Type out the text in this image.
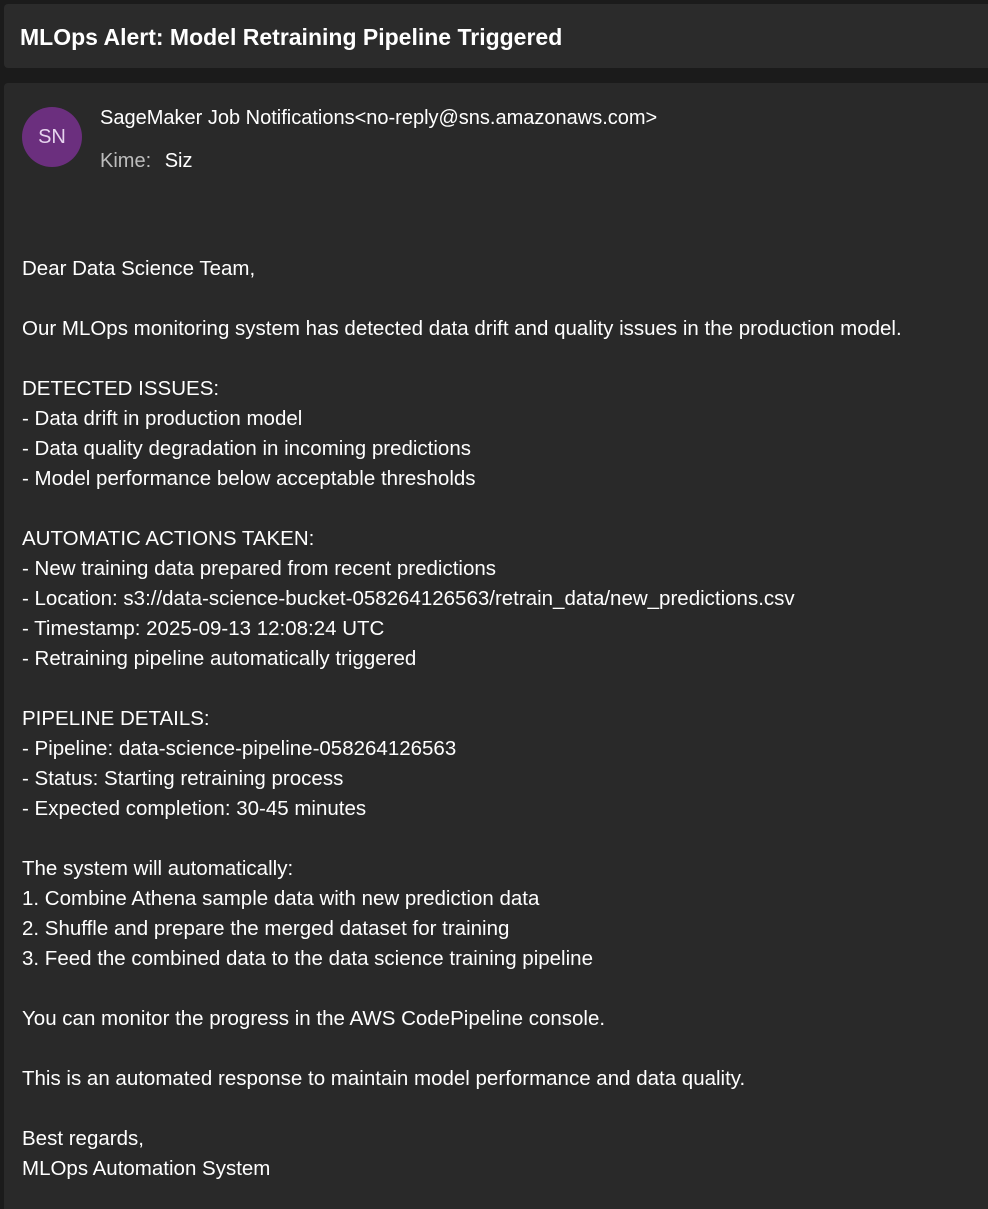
MLOps Alert: Model Retraining Pipeline Triggered
SN
SageMaker Job Notifications<no-reply@sns.amazonaws.com>
Kime: Siz
Dear Data Science Team,
Our MLOps monitoring system has detected data drift and quality issues in the production model.
DETECTED ISSUES:
- Data drift in production model
- Data quality degradation in incoming predictions
- Model performance below acceptable thresholds
AUTOMATIC ACTIONS TAKEN:
- New training data prepared from recent predictions
- Location: s3://data-science-bucket-058264126563/retrain_data/new_predictions.csv
- Timestamp: 2025-09-13 12:08:24 UTC
- Retraining pipeline automatically triggered
PIPELINE DETAILS:
- Pipeline: data-science-pipeline-058264126563
- Status: Starting retraining process
- Expected completion: 30-45 minutes
The system will automatically:
1. Combine Athena sample data with new prediction data
2. Shuffle and prepare the merged dataset for training
3. Feed the combined data to the data science training pipeline
You can monitor the progress in the AWS CodePipeline console.
This is an automated response to maintain model performance and data quality.
Best regards,
MLOps Automation System
